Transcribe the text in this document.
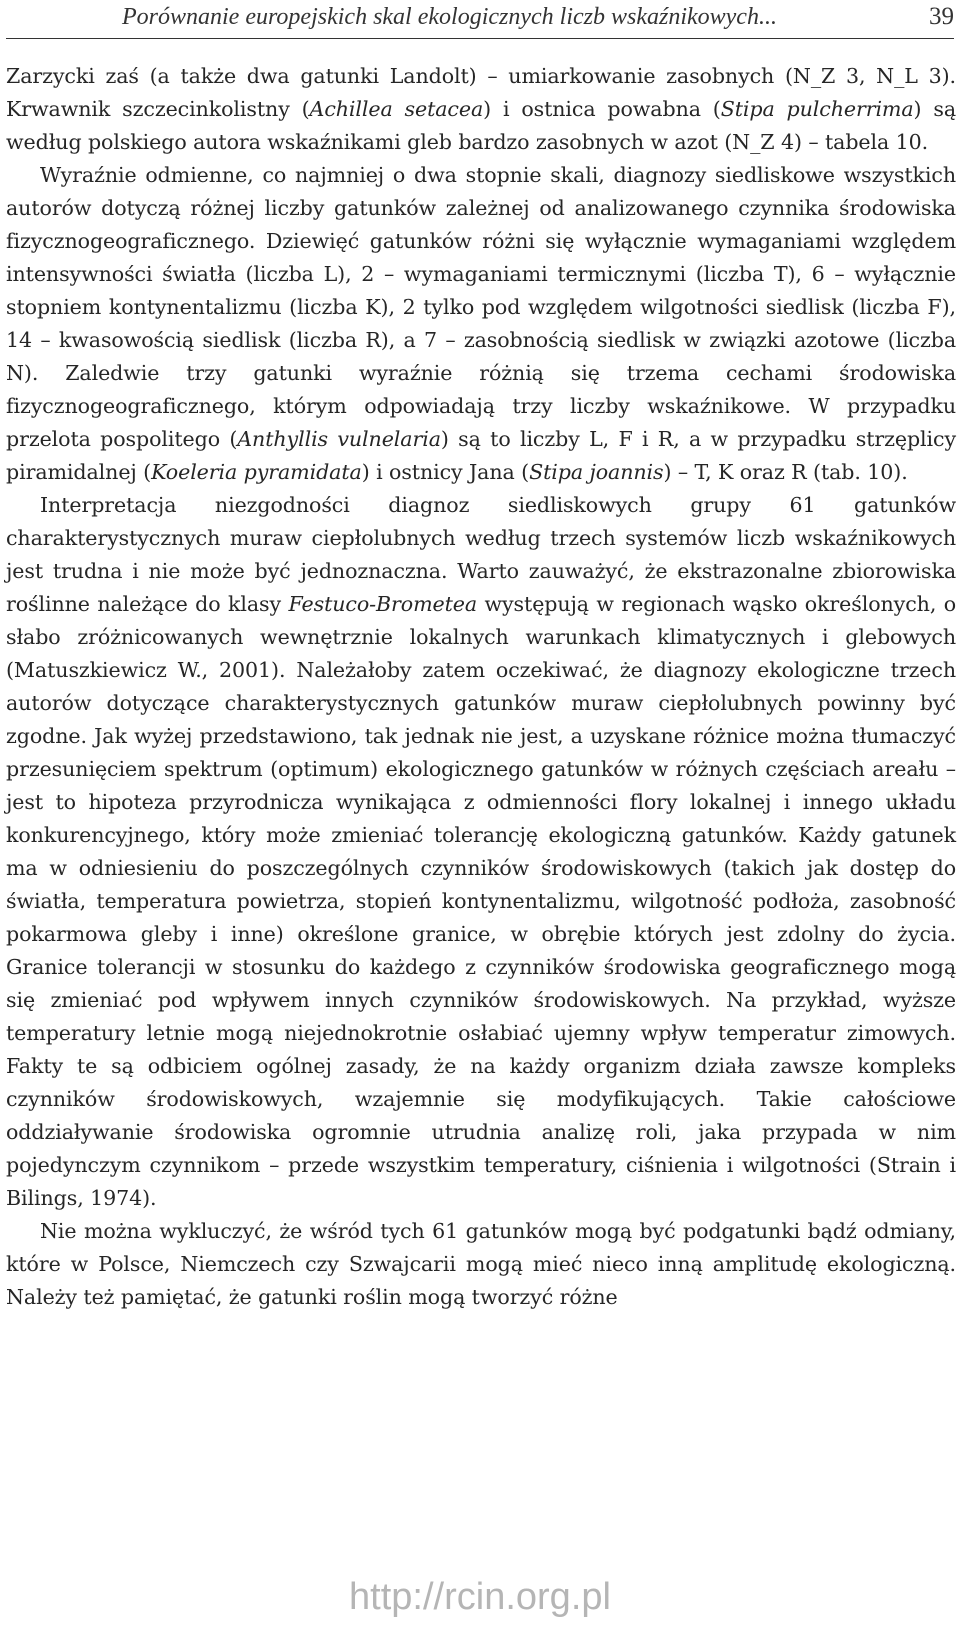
Porównanie europejskich skal ekologicznych liczb wskaźnikowych...	39

Zarzycki zaś (a także dwa gatunki Landolt) – umiarkowanie zasobnych (N_Z 3, N_L 3). Krwawnik szczecinkolistny (Achillea setacea) i ostnica powabna (Stipa pulcherrima) są według polskiego autora wskaźnikami gleb bardzo zasobnych w azot (N_Z 4) – tabela 10.

Wyraźnie odmienne, co najmniej o dwa stopnie skali, diagnozy siedliskowe wszystkich autorów dotyczą różnej liczby gatunków zależnej od analizowanego czynnika środowiska fizycznogeograficznego. Dziewięć gatunków różni się wyłącznie wymaganiami względem intensywności światła (liczba L), 2 – wymaganiami termicznymi (liczba T), 6 – wyłącznie stopniem kontynentalizmu (liczba K), 2 tylko pod względem wilgotności siedlisk (liczba F), 14 – kwasowością siedlisk (liczba R), a 7 – zasobnością siedlisk w związki azotowe (liczba N). Zaledwie trzy gatunki wyraźnie różnią się trzema cechami środowiska fizycznogeograficznego, którym odpowiadają trzy liczby wskaźnikowe. W przypadku przelota pospolitego (Anthyllis vulnelaria) są to liczby L, F i R, a w przypadku strzęplicy piramidalnej (Koeleria pyramidata) i ostnicy Jana (Stipa joannis) – T, K oraz R (tab. 10).

Interpretacja niezgodności diagnoz siedliskowych grupy 61 gatunków charakterystycznych muraw ciepłolubnych według trzech systemów liczb wskaźnikowych jest trudna i nie może być jednoznaczna. Warto zauważyć, że ekstrazonalne zbiorowiska roślinne należące do klasy Festuco-Brometea występują w regionach wąsko określonych, o słabo zróżnicowanych wewnętrznie lokalnych warunkach klimatycznych i glebowych (Matuszkiewicz W., 2001). Należałoby zatem oczekiwać, że diagnozy ekologiczne trzech autorów dotyczące charakterystycznych gatunków muraw ciepłolubnych powinny być zgodne. Jak wyżej przedstawiono, tak jednak nie jest, a uzyskane różnice można tłumaczyć przesunięciem spektrum (optimum) ekologicznego gatunków w różnych częściach areału – jest to hipoteza przyrodnicza wynikająca z odmienności flory lokalnej i innego układu konkurencyjnego, który może zmieniać tolerancję ekologiczną gatunków. Każdy gatunek ma w odniesieniu do poszczególnych czynników środowiskowych (takich jak dostęp do światła, temperatura powietrza, stopień kontynentalizmu, wilgotność podłoża, zasobność pokarmowa gleby i inne) określone granice, w obrębie których jest zdolny do życia. Granice tolerancji w stosunku do każdego z czynników środowiska geograficznego mogą się zmieniać pod wpływem innych czynników środowiskowych. Na przykład, wyższe temperatury letnie mogą niejednokrotnie osłabiać ujemny wpływ temperatur zimowych. Fakty te są odbiciem ogólnej zasady, że na każdy organizm działa zawsze kompleks czynników środowiskowych, wzajemnie się modyfikujących. Takie całościowe oddziaływanie środowiska ogromnie utrudnia analizę roli, jaka przypada w nim pojedynczym czynnikom – przede wszystkim temperatury, ciśnienia i wilgotności (Strain i Bilings, 1974).

Nie można wykluczyć, że wśród tych 61 gatunków mogą być podgatunki bądź odmiany, które w Polsce, Niemczech czy Szwajcarii mogą mieć nieco inną amplitudę ekologiczną. Należy też pamiętać, że gatunki roślin mogą tworzyć różne

http://rcin.org.pl
